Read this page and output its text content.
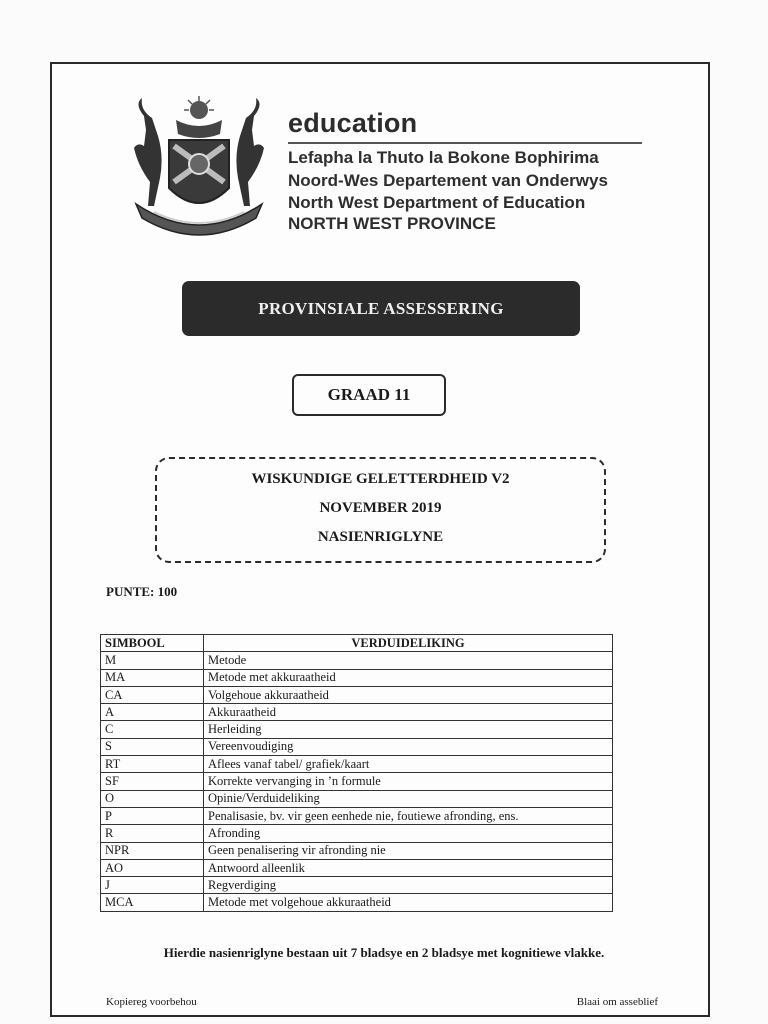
education
Lefapha la Thuto la Bokone Bophirima
Noord-Wes Departement van Onderwys
North West Department of Education
NORTH WEST PROVINCE
PROVINSIALE ASSESSERING
GRAAD 11
WISKUNDIGE GELETTERDHEID V2
NOVEMBER 2019
NASIENRIGLYNE
PUNTE: 100
SIMBOOL	VERDUIDELIKING
M	Metode
MA	Metode met akkuraatheid
CA	Volgehoue akkuraatheid
A	Akkuraatheid
C	Herleiding
S	Vereenvoudiging
RT	Aflees vanaf tabel/ grafiek/kaart
SF	Korrekte vervanging in ’n formule
O	Opinie/Verduideliking
P	Penalisasie, bv. vir geen eenhede nie, foutiewe afronding, ens.
R	Afronding
NPR	Geen penalisering vir afronding nie
AO	Antwoord alleenlik
J	Regverdiging
MCA	Metode met volgehoue akkuraatheid
Hierdie nasienriglyne bestaan uit 7 bladsye en 2 bladsye met kognitiewe vlakke.
Kopiereg voorbehou	Blaai om asseblief
